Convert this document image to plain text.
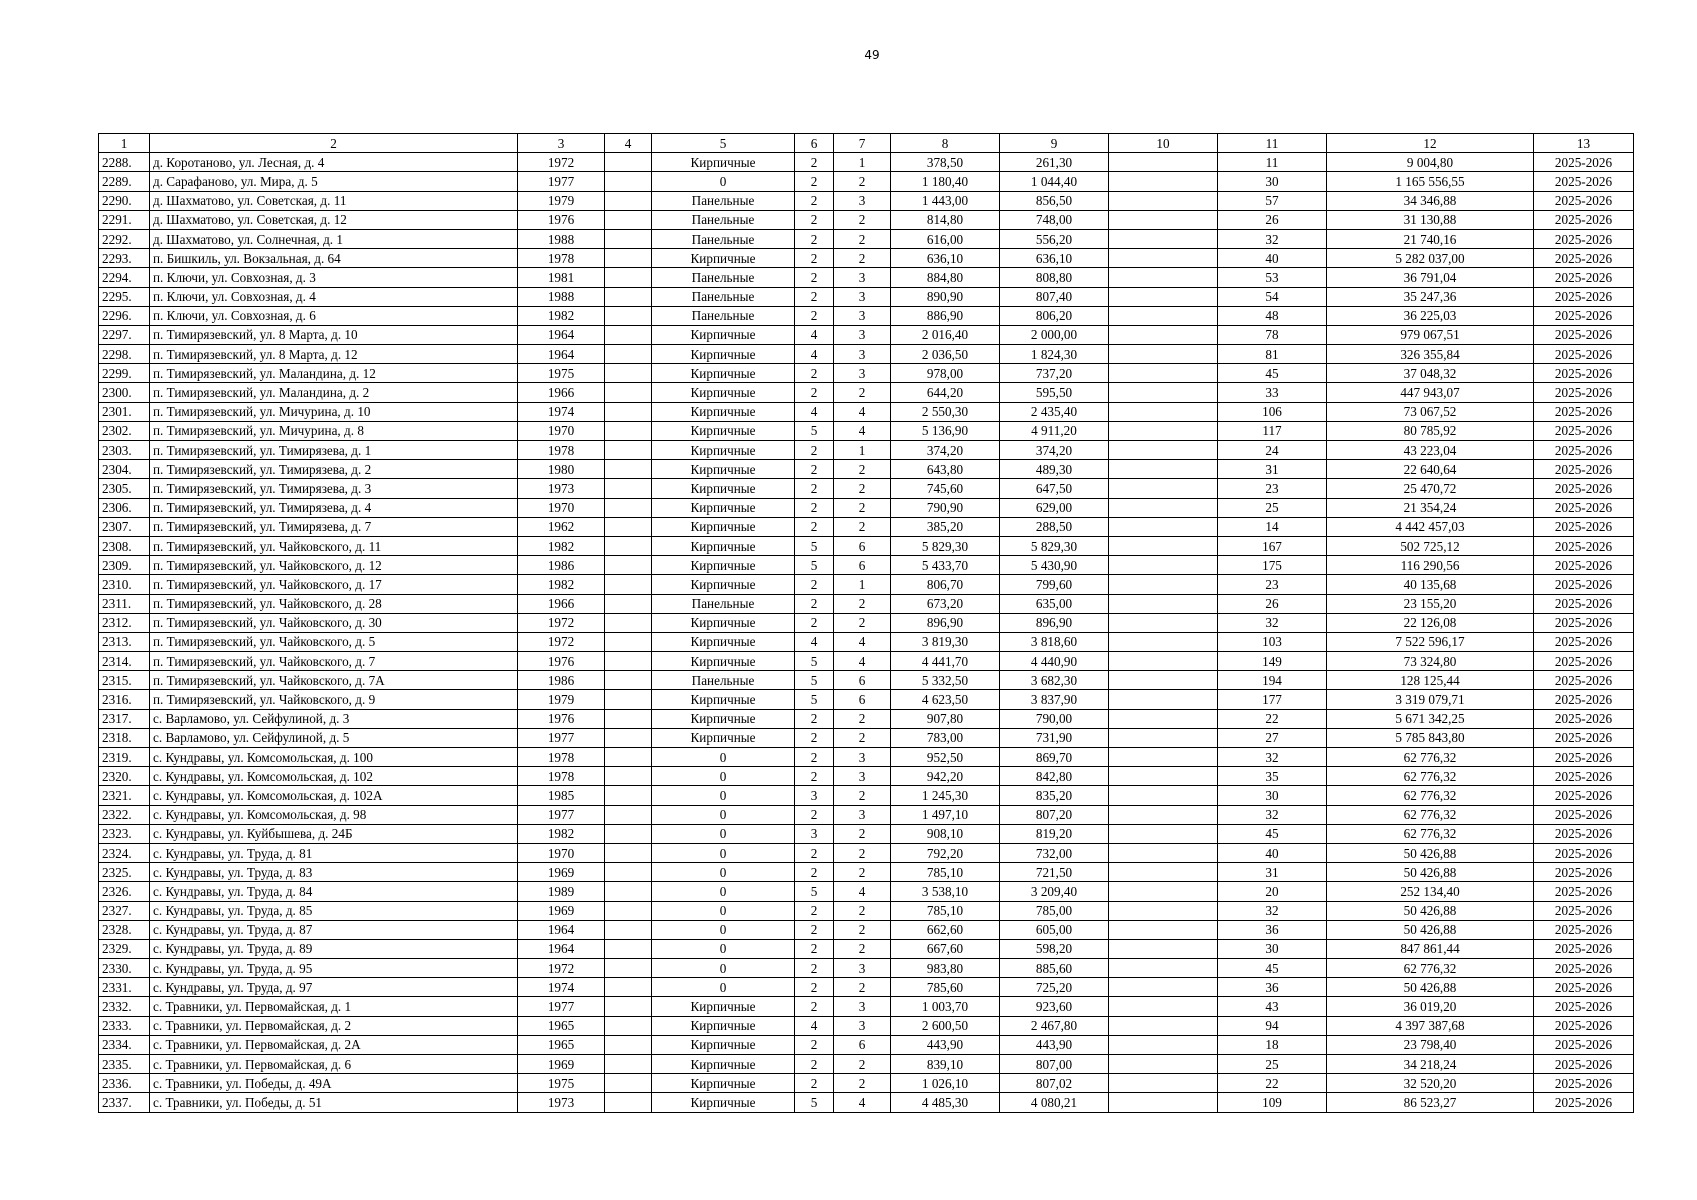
49
1	2	3	4	5	6	7	8	9	10	11	12	13
2288.	д. Коротаново, ул. Лесная, д. 4	1972		Кирпичные	2	1	378,50	261,30		11	9 004,80	2025-2026
2289.	д. Сарафаново, ул. Мира, д. 5	1977		0	2	2	1 180,40	1 044,40		30	1 165 556,55	2025-2026
2290.	д. Шахматово, ул. Советская, д. 11	1979		Панельные	2	3	1 443,00	856,50		57	34 346,88	2025-2026
2291.	д. Шахматово, ул. Советская, д. 12	1976		Панельные	2	2	814,80	748,00		26	31 130,88	2025-2026
2292.	д. Шахматово, ул. Солнечная, д. 1	1988		Панельные	2	2	616,00	556,20		32	21 740,16	2025-2026
2293.	п. Бишкиль, ул. Вокзальная, д. 64	1978		Кирпичные	2	2	636,10	636,10		40	5 282 037,00	2025-2026
2294.	п. Ключи, ул. Совхозная, д. 3	1981		Панельные	2	3	884,80	808,80		53	36 791,04	2025-2026
2295.	п. Ключи, ул. Совхозная, д. 4	1988		Панельные	2	3	890,90	807,40		54	35 247,36	2025-2026
2296.	п. Ключи, ул. Совхозная, д. 6	1982		Панельные	2	3	886,90	806,20		48	36 225,03	2025-2026
2297.	п. Тимирязевский, ул. 8 Марта, д. 10	1964		Кирпичные	4	3	2 016,40	2 000,00		78	979 067,51	2025-2026
2298.	п. Тимирязевский, ул. 8 Марта, д. 12	1964		Кирпичные	4	3	2 036,50	1 824,30		81	326 355,84	2025-2026
2299.	п. Тимирязевский, ул. Маландина, д. 12	1975		Кирпичные	2	3	978,00	737,20		45	37 048,32	2025-2026
2300.	п. Тимирязевский, ул. Маландина, д. 2	1966		Кирпичные	2	2	644,20	595,50		33	447 943,07	2025-2026
2301.	п. Тимирязевский, ул. Мичурина, д. 10	1974		Кирпичные	4	4	2 550,30	2 435,40		106	73 067,52	2025-2026
2302.	п. Тимирязевский, ул. Мичурина, д. 8	1970		Кирпичные	5	4	5 136,90	4 911,20		117	80 785,92	2025-2026
2303.	п. Тимирязевский, ул. Тимирязева, д. 1	1978		Кирпичные	2	1	374,20	374,20		24	43 223,04	2025-2026
2304.	п. Тимирязевский, ул. Тимирязева, д. 2	1980		Кирпичные	2	2	643,80	489,30		31	22 640,64	2025-2026
2305.	п. Тимирязевский, ул. Тимирязева, д. 3	1973		Кирпичные	2	2	745,60	647,50		23	25 470,72	2025-2026
2306.	п. Тимирязевский, ул. Тимирязева, д. 4	1970		Кирпичные	2	2	790,90	629,00		25	21 354,24	2025-2026
2307.	п. Тимирязевский, ул. Тимирязева, д. 7	1962		Кирпичные	2	2	385,20	288,50		14	4 442 457,03	2025-2026
2308.	п. Тимирязевский, ул. Чайковского, д. 11	1982		Кирпичные	5	6	5 829,30	5 829,30		167	502 725,12	2025-2026
2309.	п. Тимирязевский, ул. Чайковского, д. 12	1986		Кирпичные	5	6	5 433,70	5 430,90		175	116 290,56	2025-2026
2310.	п. Тимирязевский, ул. Чайковского, д. 17	1982		Кирпичные	2	1	806,70	799,60		23	40 135,68	2025-2026
2311.	п. Тимирязевский, ул. Чайковского, д. 28	1966		Панельные	2	2	673,20	635,00		26	23 155,20	2025-2026
2312.	п. Тимирязевский, ул. Чайковского, д. 30	1972		Кирпичные	2	2	896,90	896,90		32	22 126,08	2025-2026
2313.	п. Тимирязевский, ул. Чайковского, д. 5	1972		Кирпичные	4	4	3 819,30	3 818,60		103	7 522 596,17	2025-2026
2314.	п. Тимирязевский, ул. Чайковского, д. 7	1976		Кирпичные	5	4	4 441,70	4 440,90		149	73 324,80	2025-2026
2315.	п. Тимирязевский, ул. Чайковского, д. 7А	1986		Панельные	5	6	5 332,50	3 682,30		194	128 125,44	2025-2026
2316.	п. Тимирязевский, ул. Чайковского, д. 9	1979		Кирпичные	5	6	4 623,50	3 837,90		177	3 319 079,71	2025-2026
2317.	с. Варламово, ул. Сейфулиной, д. 3	1976		Кирпичные	2	2	907,80	790,00		22	5 671 342,25	2025-2026
2318.	с. Варламово, ул. Сейфулиной, д. 5	1977		Кирпичные	2	2	783,00	731,90		27	5 785 843,80	2025-2026
2319.	с. Кундравы, ул. Комсомольская, д. 100	1978		0	2	3	952,50	869,70		32	62 776,32	2025-2026
2320.	с. Кундравы, ул. Комсомольская, д. 102	1978		0	2	3	942,20	842,80		35	62 776,32	2025-2026
2321.	с. Кундравы, ул. Комсомольская, д. 102А	1985		0	3	2	1 245,30	835,20		30	62 776,32	2025-2026
2322.	с. Кундравы, ул. Комсомольская, д. 98	1977		0	2	3	1 497,10	807,20		32	62 776,32	2025-2026
2323.	с. Кундравы, ул. Куйбышева, д. 24Б	1982		0	3	2	908,10	819,20		45	62 776,32	2025-2026
2324.	с. Кундравы, ул. Труда, д. 81	1970		0	2	2	792,20	732,00		40	50 426,88	2025-2026
2325.	с. Кундравы, ул. Труда, д. 83	1969		0	2	2	785,10	721,50		31	50 426,88	2025-2026
2326.	с. Кундравы, ул. Труда, д. 84	1989		0	5	4	3 538,10	3 209,40		20	252 134,40	2025-2026
2327.	с. Кундравы, ул. Труда, д. 85	1969		0	2	2	785,10	785,00		32	50 426,88	2025-2026
2328.	с. Кундравы, ул. Труда, д. 87	1964		0	2	2	662,60	605,00		36	50 426,88	2025-2026
2329.	с. Кундравы, ул. Труда, д. 89	1964		0	2	2	667,60	598,20		30	847 861,44	2025-2026
2330.	с. Кундравы, ул. Труда, д. 95	1972		0	2	3	983,80	885,60		45	62 776,32	2025-2026
2331.	с. Кундравы, ул. Труда, д. 97	1974		0	2	2	785,60	725,20		36	50 426,88	2025-2026
2332.	с. Травники, ул. Первомайская, д. 1	1977		Кирпичные	2	3	1 003,70	923,60		43	36 019,20	2025-2026
2333.	с. Травники, ул. Первомайская, д. 2	1965		Кирпичные	4	3	2 600,50	2 467,80		94	4 397 387,68	2025-2026
2334.	с. Травники, ул. Первомайская, д. 2А	1965		Кирпичные	2	6	443,90	443,90		18	23 798,40	2025-2026
2335.	с. Травники, ул. Первомайская, д. 6	1969		Кирпичные	2	2	839,10	807,00		25	34 218,24	2025-2026
2336.	с. Травники, ул. Победы, д. 49А	1975		Кирпичные	2	2	1 026,10	807,02		22	32 520,20	2025-2026
2337.	с. Травники, ул. Победы, д. 51	1973		Кирпичные	5	4	4 485,30	4 080,21		109	86 523,27	2025-2026
